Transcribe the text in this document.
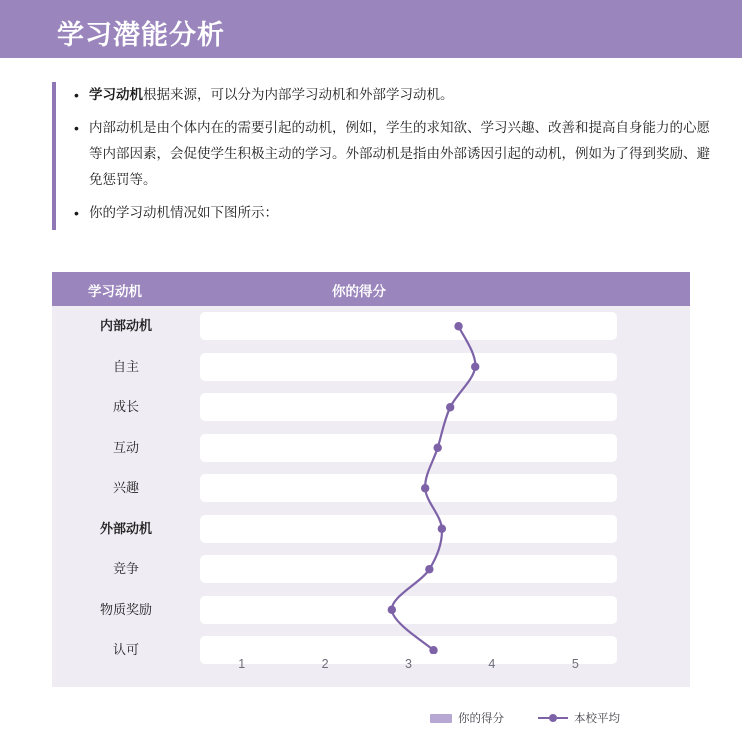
学习潜能分析
• 学习动机根据来源，可以分为内部学习动机和外部学习动机。
• 内部动机是由个体内在的需要引起的动机，例如，学生的求知欲、学习兴趣、改善和提高自身能力的心愿等内部因素，会促使学生积极主动的学习。外部动机是指由外部诱因引起的动机，例如为了得到奖励、避免惩罚等。
• 你的学习动机情况如下图所示：
学习动机	你的得分
内部动机
自主
成长
互动
兴趣
外部动机
竞争
物质奖励
认可
1	2	3	4	5
你的得分	本校平均
